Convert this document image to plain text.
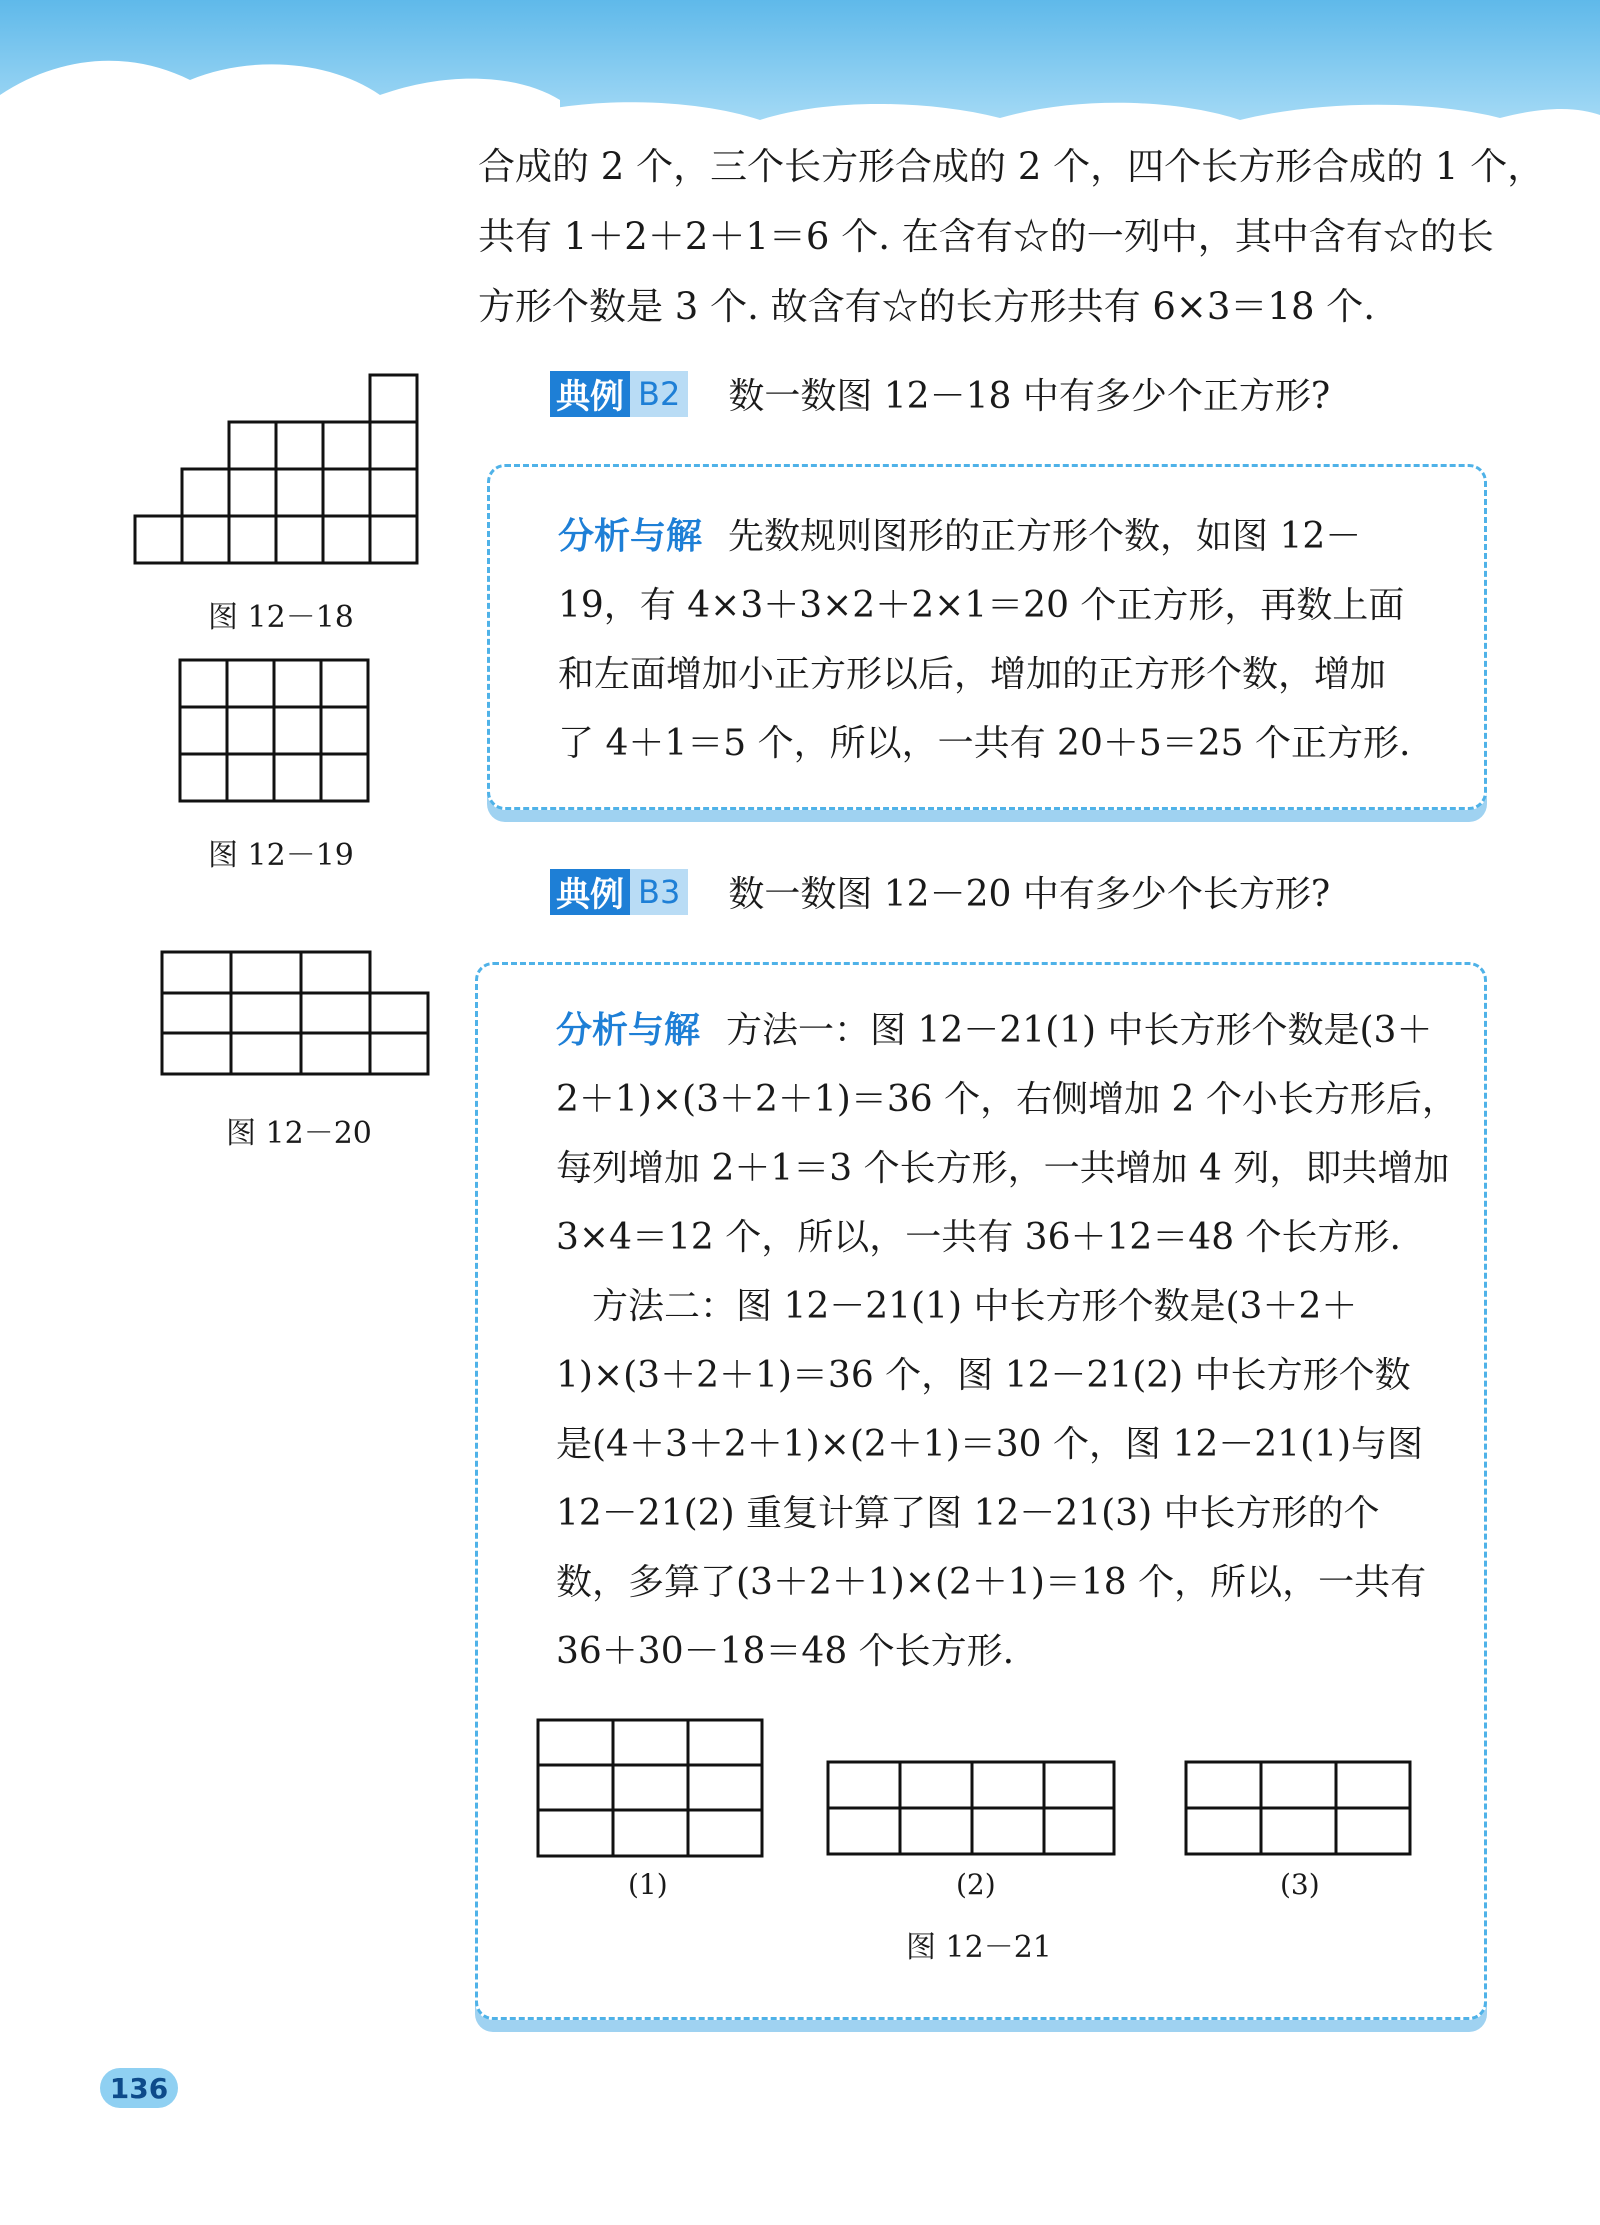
合成的 2 个，三个长方形合成的 2 个，四个长方形合成的 1 个，

共有 1＋2＋2＋1＝6 个. 在含有☆的一列中，其中含有☆的长

方形个数是 3 个. 故含有☆的长方形共有 6×3＝18 个.

图 12－18
图 12－19
图 12－20
典例 B2 数一数图 12－18 中有多少个正方形?

分析与解 先数规则图形的正方形个数，如图 12－

19，有 4×3＋3×2＋2×1＝20 个正方形，再数上面

和左面增加小正方形以后，增加的正方形个数，增加

了 4＋1＝5 个，所以，一共有 20＋5＝25 个正方形.

典例 B3 数一数图 12－20 中有多少个长方形?

分析与解 方法一：图 12－21(1) 中长方形个数是(3＋

2＋1)×(3＋2＋1)＝36 个，右侧增加 2 个小长方形后，

每列增加 2＋1＝3 个长方形，一共增加 4 列，即共增加

3×4＝12 个，所以，一共有 36＋12＝48 个长方形.

　方法二：图 12－21(1) 中长方形个数是(3＋2＋

1)×(3＋2＋1)＝36 个，图 12－21(2) 中长方形个数

是(4＋3＋2＋1)×(2＋1)＝30 个，图 12－21(1)与图

12－21(2) 重复计算了图 12－21(3) 中长方形的个

数，多算了(3＋2＋1)×(2＋1)＝18 个，所以，一共有

36＋30－18＝48 个长方形.

(1)	(2)	(3)
图 12－21
136
